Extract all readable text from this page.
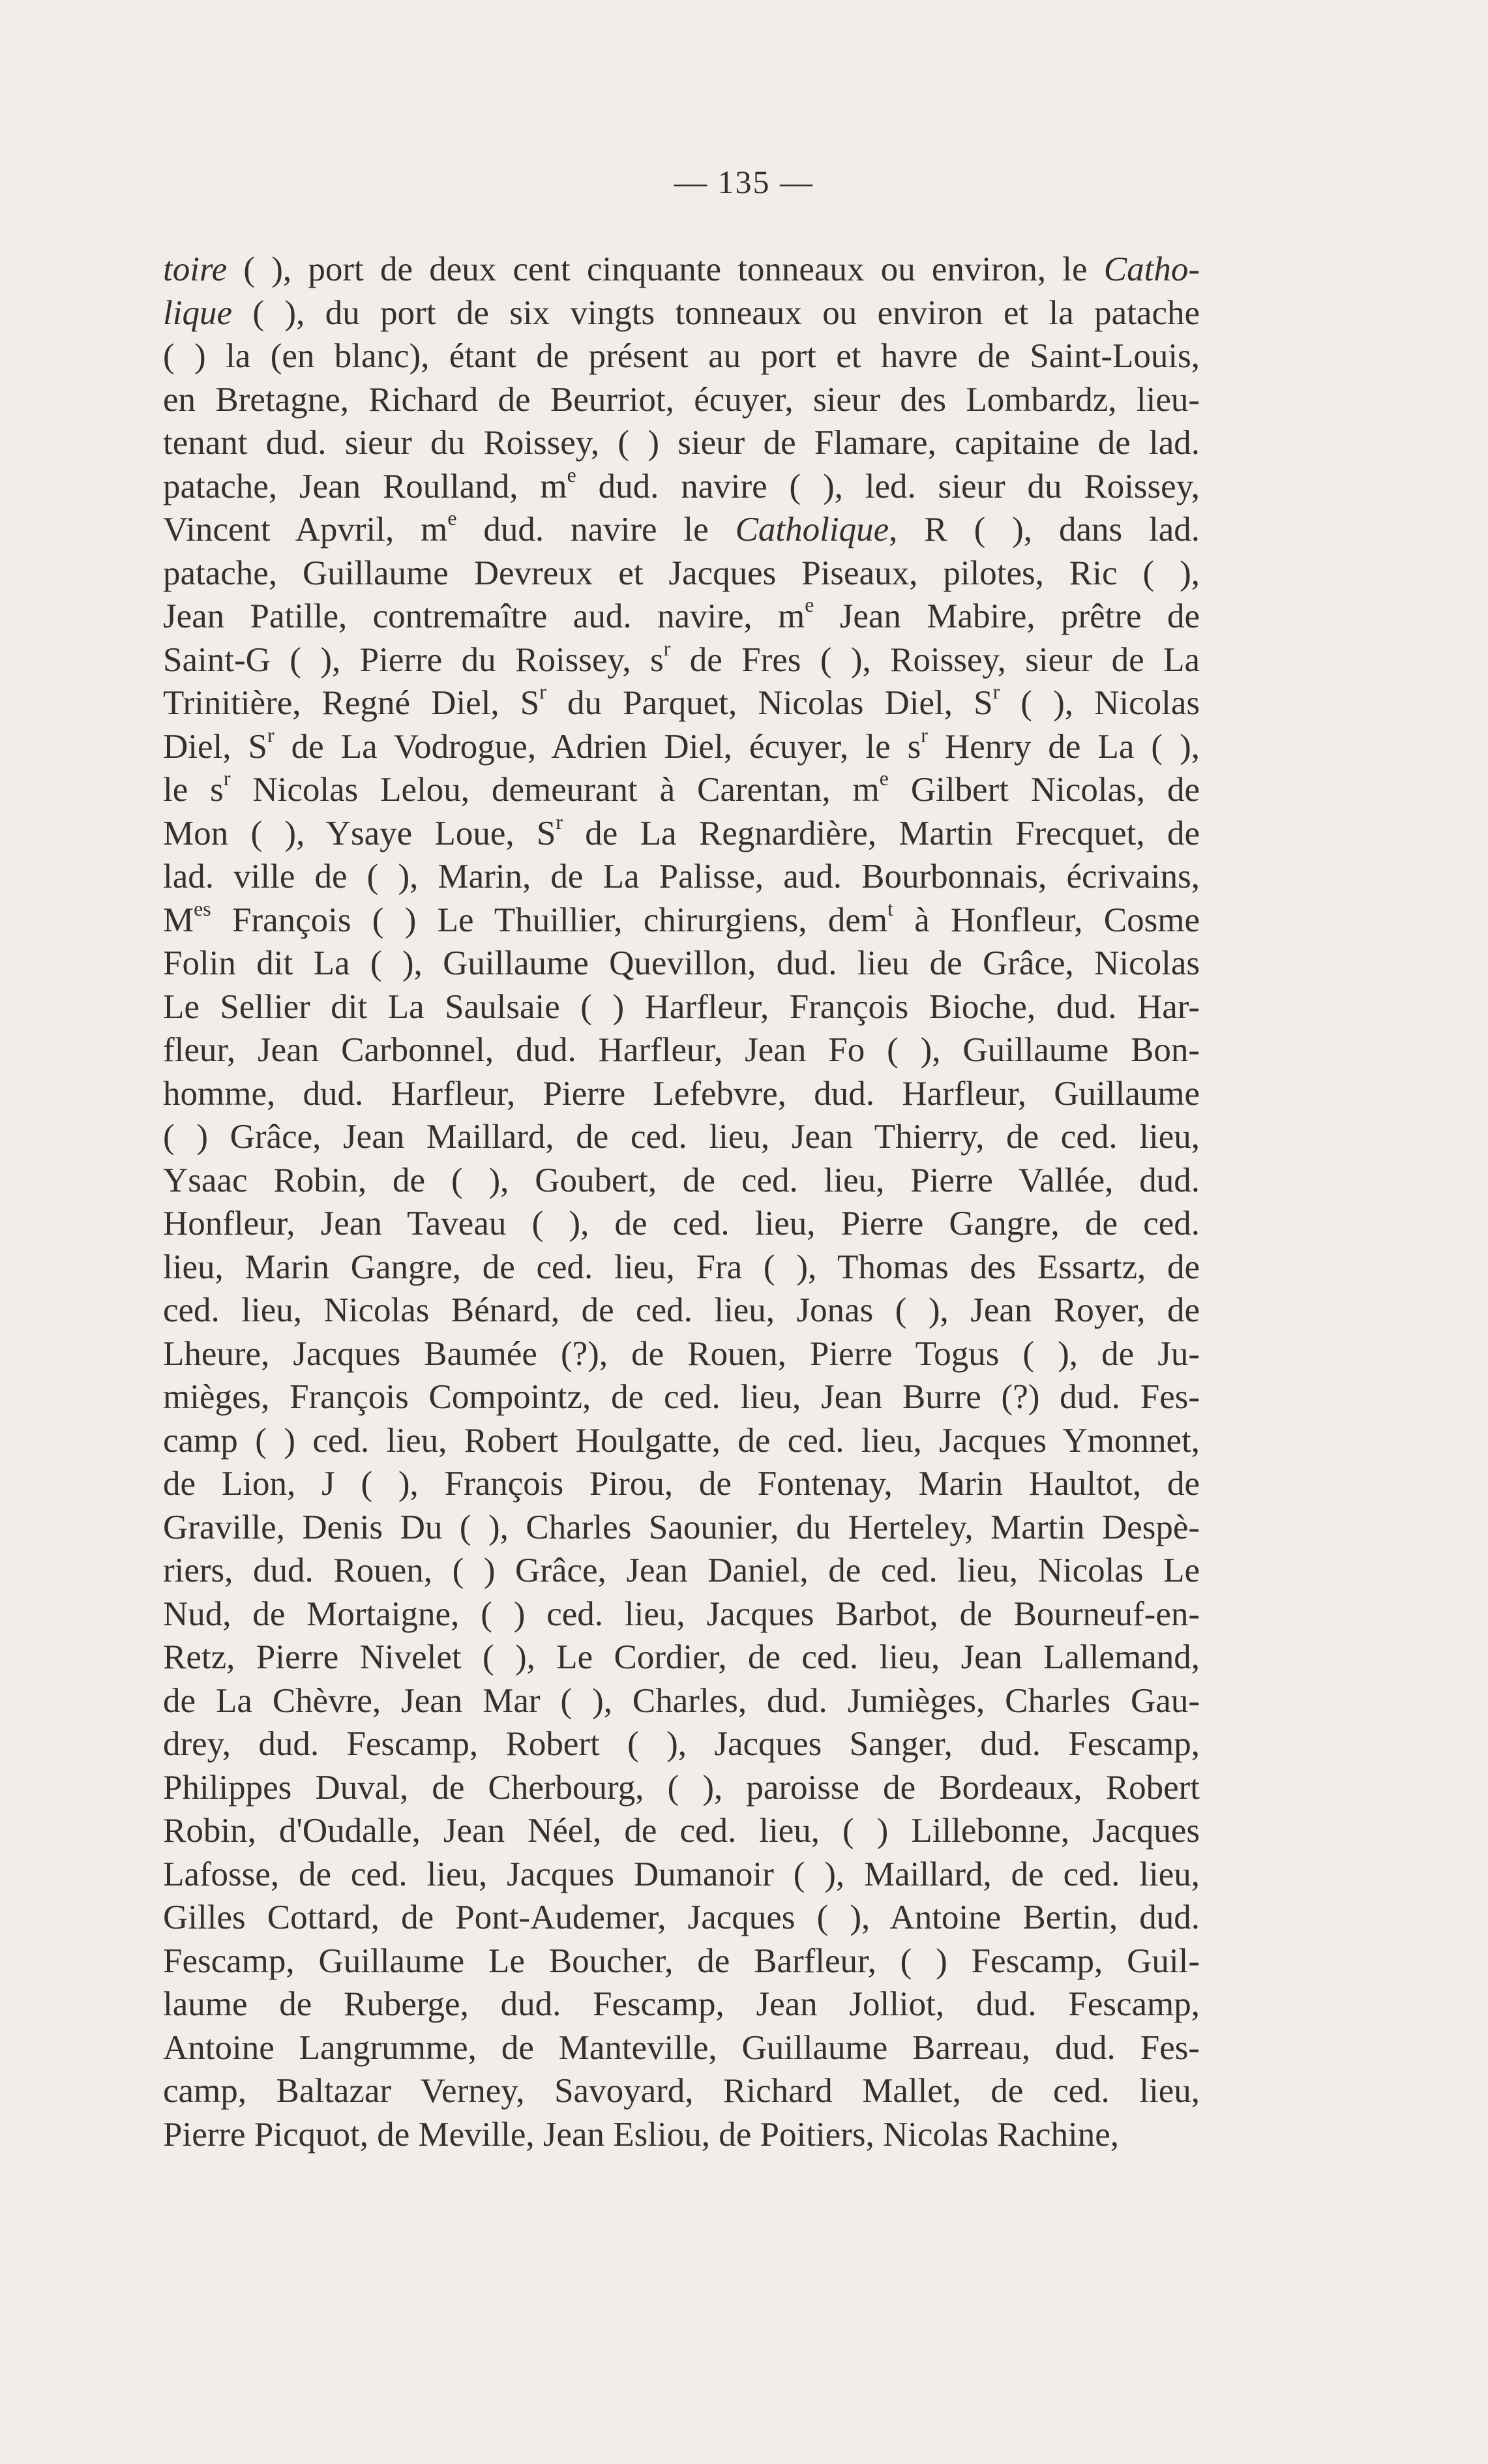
— 135 —
toire ( ), port de deux cent cinquante tonneaux ou environ, le Catho-
lique ( ), du port de six vingts tonneaux ou environ et la patache
( ) la (en blanc), étant de présent au port et havre de Saint-Louis,
en Bretagne, Richard de Beurriot, écuyer, sieur des Lombardz, lieu-
tenant dud. sieur du Roissey, ( ) sieur de Flamare, capitaine de lad.
patache, Jean Roulland, $m^e$ dud. navire ( ), led. sieur du Roissey,
Vincent Apvril, $m^e$ dud. navire le Catholique, R ( ), dans lad.
patache, Guillaume Devreux et Jacques Piseaux, pilotes, Ric ( ),
Jean Patille, contremaître aud. navire, $m^e$ Jean Mabire, prêtre de
Saint-G ( ), Pierre du Roissey, $s^r$ de Fres ( ), Roissey, sieur de La
Trinitière, Regné Diel, $S^r$ du Parquet, Nicolas Diel, $S^r$ ( ), Nicolas
Diel, $S^r$ de La Vodrogue, Adrien Diel, écuyer, le $s^r$ Henry de La ( ),
le $s^r$ Nicolas Lelou, demeurant à Carentan, $m^e$ Gilbert Nicolas, de
Mon ( ), Ysaye Loue, $S^r$ de La Regnardière, Martin Frecquet, de
lad. ville de ( ), Marin, de La Palisse, aud. Bourbonnais, écrivains,
$M^{es}$ François ( ) Le Thuillier, chirurgiens, dem$^t$ à Honfleur, Cosme
Folin dit La ( ), Guillaume Quevillon, dud. lieu de Grâce, Nicolas
Le Sellier dit La Saulsaie ( ) Harfleur, François Bioche, dud. Har-
fleur, Jean Carbonnel, dud. Harfleur, Jean Fo ( ), Guillaume Bon-
homme, dud. Harfleur, Pierre Lefebvre, dud. Harfleur, Guillaume
( ) Grâce, Jean Maillard, de ced. lieu, Jean Thierry, de ced. lieu,
Ysaac Robin, de ( ), Goubert, de ced. lieu, Pierre Vallée, dud.
Honfleur, Jean Taveau ( ), de ced. lieu, Pierre Gangre, de ced.
lieu, Marin Gangre, de ced. lieu, Fra ( ), Thomas des Essartz, de
ced. lieu, Nicolas Bénard, de ced. lieu, Jonas ( ), Jean Royer, de
Lheure, Jacques Baumée (?), de Rouen, Pierre Togus ( ), de Ju-
mièges, François Compointz, de ced. lieu, Jean Burre (?) dud. Fes-
camp ( ) ced. lieu, Robert Houlgatte, de ced. lieu, Jacques Ymonnet,
de Lion, J ( ), François Pirou, de Fontenay, Marin Haultot, de
Graville, Denis Du ( ), Charles Saounier, du Herteley, Martin Despè-
riers, dud. Rouen, ( ) Grâce, Jean Daniel, de ced. lieu, Nicolas Le
Nud, de Mortaigne, ( ) ced. lieu, Jacques Barbot, de Bourneuf-en-
Retz, Pierre Nivelet ( ), Le Cordier, de ced. lieu, Jean Lallemand,
de La Chèvre, Jean Mar ( ), Charles, dud. Jumièges, Charles Gau-
drey, dud. Fescamp, Robert ( ), Jacques Sanger, dud. Fescamp,
Philippes Duval, de Cherbourg, ( ), paroisse de Bordeaux, Robert
Robin, d'Oudalle, Jean Néel, de ced. lieu, ( ) Lillebonne, Jacques
Lafosse, de ced. lieu, Jacques Dumanoir ( ), Maillard, de ced. lieu,
Gilles Cottard, de Pont-Audemer, Jacques ( ), Antoine Bertin, dud.
Fescamp, Guillaume Le Boucher, de Barfleur, ( ) Fescamp, Guil-
laume de Ruberge, dud. Fescamp, Jean Jolliot, dud. Fescamp,
Antoine Langrumme, de Manteville, Guillaume Barreau, dud. Fes-
camp, Baltazar Verney, Savoyard, Richard Mallet, de ced. lieu,
Pierre Picquot, de Meville, Jean Esliou, de Poitiers, Nicolas Rachine,
